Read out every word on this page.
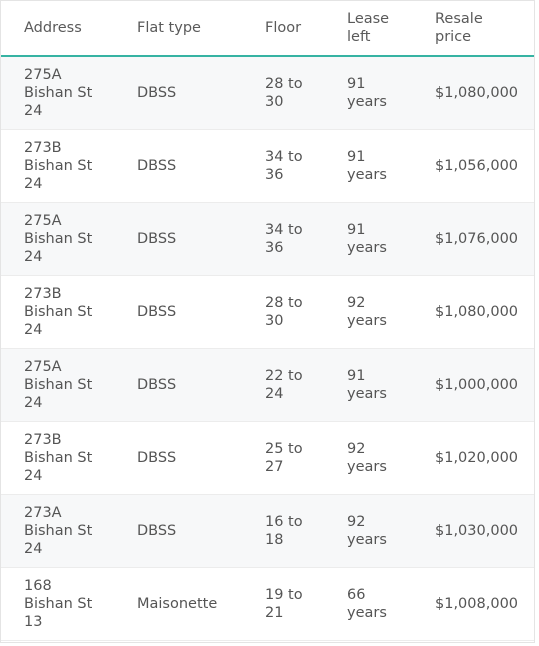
Address	Flat type	Floor	Lease left	Resale price

275A Bishan St 24	DBSS	28 to 30	91 years	$1,080,000

273B Bishan St 24	DBSS	34 to 36	91 years	$1,056,000

275A Bishan St 24	DBSS	34 to 36	91 years	$1,076,000

273B Bishan St 24	DBSS	28 to 30	92 years	$1,080,000

275A Bishan St 24	DBSS	22 to 24	91 years	$1,000,000

273B Bishan St 24	DBSS	25 to 27	92 years	$1,020,000

273A Bishan St 24	DBSS	16 to 18	92 years	$1,030,000

168 Bishan St 13	Maisonette	19 to 21	66 years	$1,008,000
